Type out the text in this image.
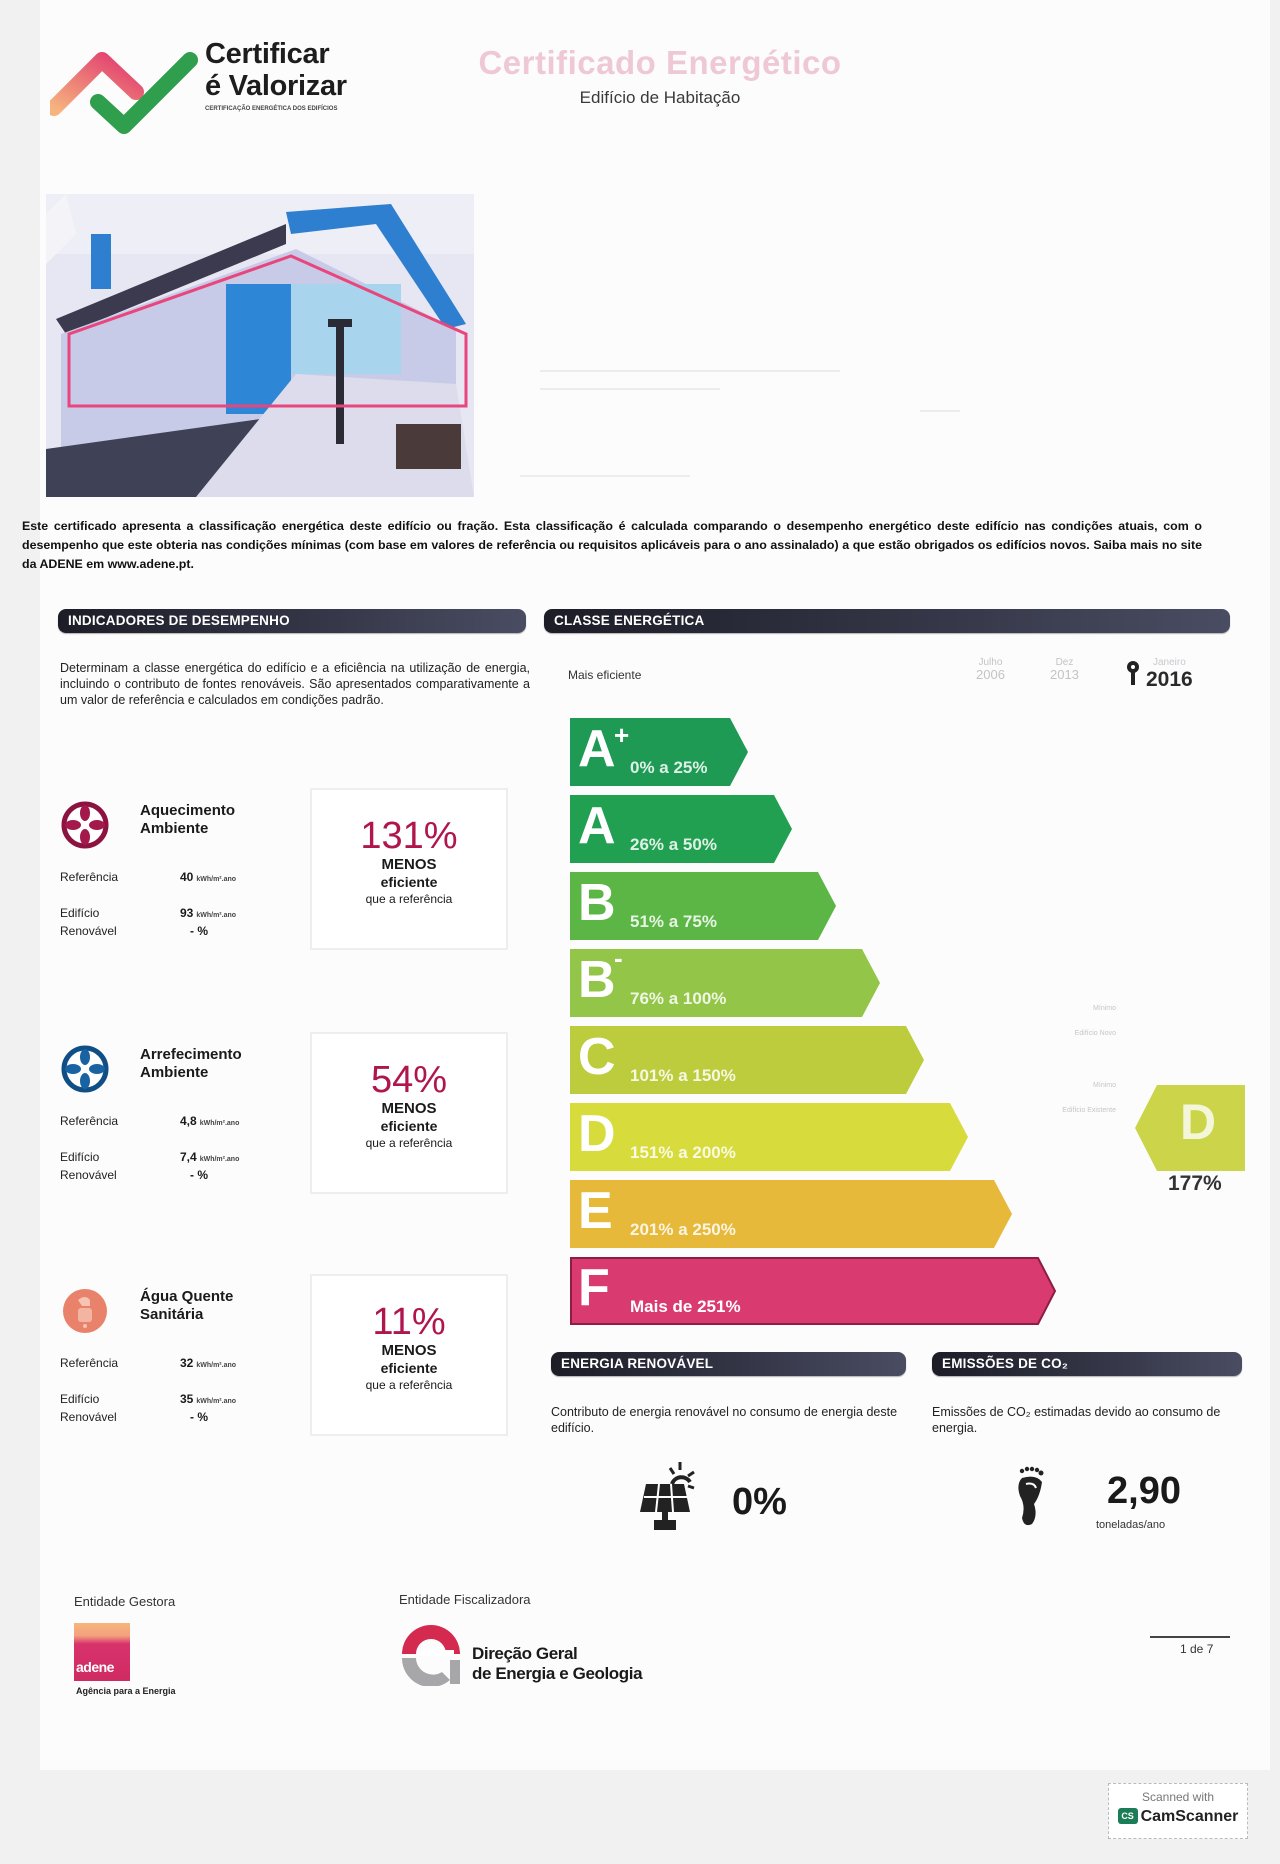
Certificar
é Valorizar
CERTIFICAÇÃO ENERGÉTICA DOS EDIFÍCIOS
Certificado Energético
Edifício de Habitação
Este certificado apresenta a classificação energética deste edifício ou fração. Esta classificação é calculada comparando o desempenho energético deste edifício nas condições atuais, com o desempenho que este obteria nas condições mínimas (com base em valores de referência ou requisitos aplicáveis para o ano assinalado) a que estão obrigados os edifícios novos. Saiba mais no site da ADENE em www.adene.pt.
INDICADORES DE DESEMPENHO
Determinam a classe energética do edifício e a eficiência na utilização de energia, incluindo o contributo de fontes renováveis. São apresentados comparativamente a um valor de referência e calculados em condições padrão.
Aquecimento Ambiente
Referência	40 kWh/m².ano
Edifício	93 kWh/m².ano
Renovável	- %
131%
MENOS
eficiente
que a referência
Arrefecimento Ambiente
Referência	4,8 kWh/m².ano
Edifício	7,4 kWh/m².ano
Renovável	- %
54%
MENOS
eficiente
que a referência
Água Quente Sanitária
Referência	32 kWh/m².ano
Edifício	35 kWh/m².ano
Renovável	- %
11%
MENOS
eficiente
que a referência
CLASSE ENERGÉTICA
Mais eficiente
Julho
2006
Dez
2013
Janeiro
2016
A
+
0% a 25%
A 26% a 50%
B 51% a 75%
B
-
76% a 100%
C 101% a 150%
D 151% a 200%
E 201% a 250%
F Mais de 251%
Mínimo
Edifício Novo
Mínimo
Edifício Existente D
177%
ENERGIA RENOVÁVEL
Contributo de energia renovável no consumo de energia deste edifício.
0%
EMISSÕES DE CO₂
Emissões de CO₂ estimadas devido ao consumo de energia.
2,90
toneladas/ano
Entidade Gestora
adene
Agência para a Energia
Entidade Fiscalizadora
Direção Geral
de Energia e Geologia
1 de 7
Scanned with
CS CamScanner
